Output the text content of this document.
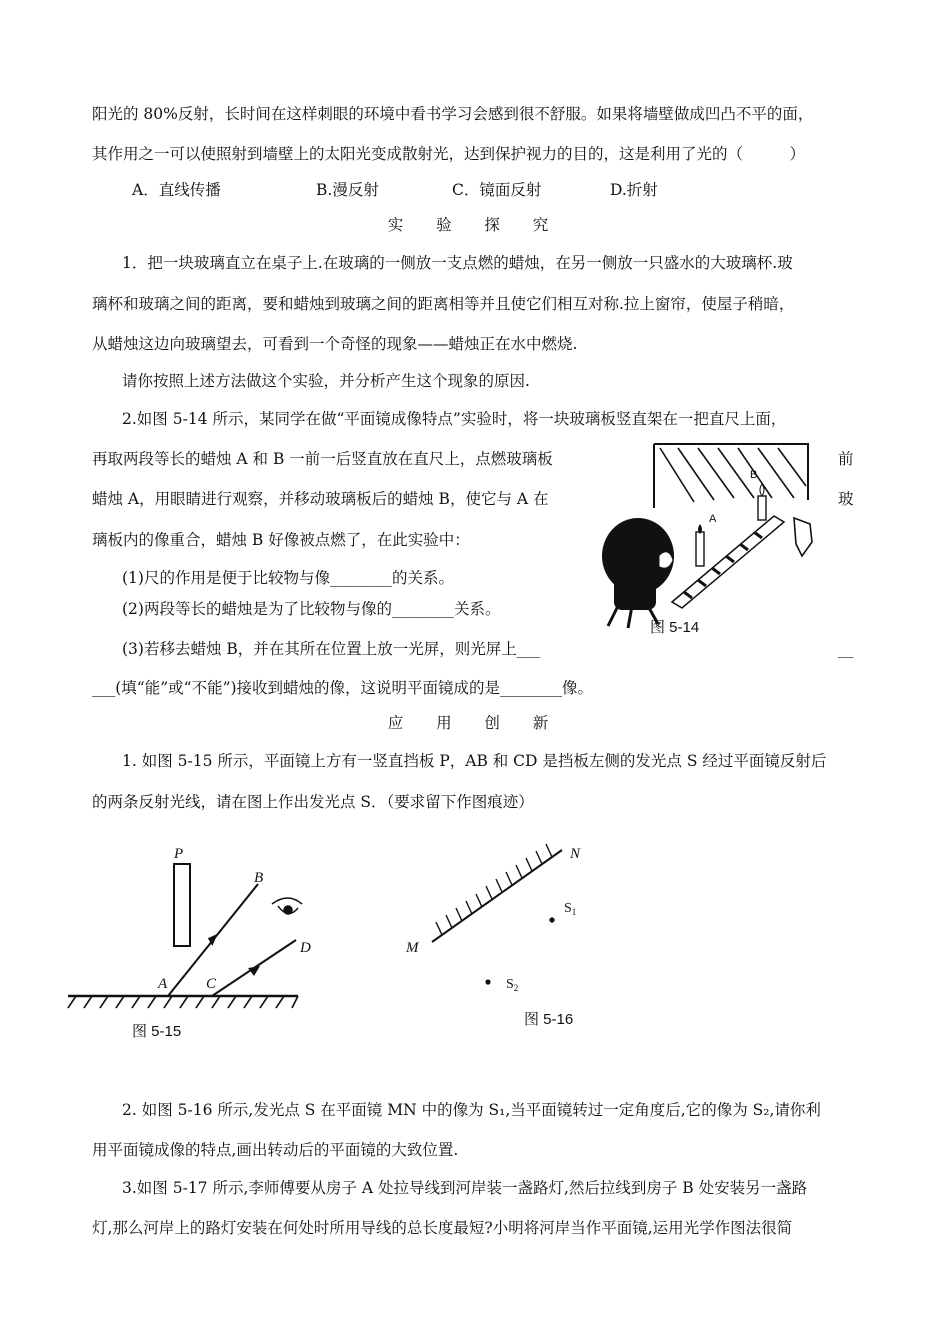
阳光的 80%反射，长时间在这样刺眼的环境中看书学习会感到很不舒服。如果将墙壁做成凹凸不平的面，
其作用之一可以使照射到墙壁上的太阳光变成散射光，达到保护视力的目的，这是利用了光的（　　　）
A．直线传播	B.漫反射	C．镜面反射	D.折射
实 验 探 究
1．把一块玻璃直立在桌子上.在玻璃的一侧放一支点燃的蜡烛，在另一侧放一只盛水的大玻璃杯.玻
璃杯和玻璃之间的距离，要和蜡烛到玻璃之间的距离相等并且使它们相互对称.拉上窗帘，使屋子稍暗，
从蜡烛这边向玻璃望去，可看到一个奇怪的现象——蜡烛正在水中燃烧.
请你按照上述方法做这个实验，并分析产生这个现象的原因.
2.如图 5-14 所示，某同学在做“平面镜成像特点”实验时，将一块玻璃板竖直架在一把直尺上面，
再取两段等长的蜡烛 A 和 B 一前一后竖直放在直尺上，点燃玻璃板	前
蜡烛 A，用眼睛进行观察，并移动玻璃板后的蜡烛 B，使它与 A 在	玻
璃板内的像重合，蜡烛 B 好像被点燃了，在此实验中：
(1)尺的作用是便于比较物与像________的关系。
(2)两段等长的蜡烛是为了比较物与像的________关系。
(3)若移去蜡烛 B，并在其所在位置上放一光屏，则光屏上___	__
___(填“能”或“不能”)接收到蜡烛的像，这说明平面镜成的是________像。
A
B
图 5-14
应 用 创 新
1. 如图 5-15 所示，平面镜上方有一竖直挡板 P，AB 和 CD 是挡板左侧的发光点 S 经过平面镜反射后
的两条反射光线，请在图上作出发光点 S．（要求留下作图痕迹）
P
B
D
A	C
图 5-15
N
M
$S_1$
$S_2$
图 5-16
2. 如图 5-16 所示,发光点 S 在平面镜 MN 中的像为 S₁,当平面镜转过一定角度后,它的像为 S₂,请你利
用平面镜成像的特点,画出转动后的平面镜的大致位置.
3.如图 5-17 所示,李师傅要从房子 A 处拉导线到河岸装一盏路灯,然后拉线到房子 B 处安装另一盏路
灯,那么河岸上的路灯安装在何处时所用导线的总长度最短?小明将河岸当作平面镜,运用光学作图法很简
